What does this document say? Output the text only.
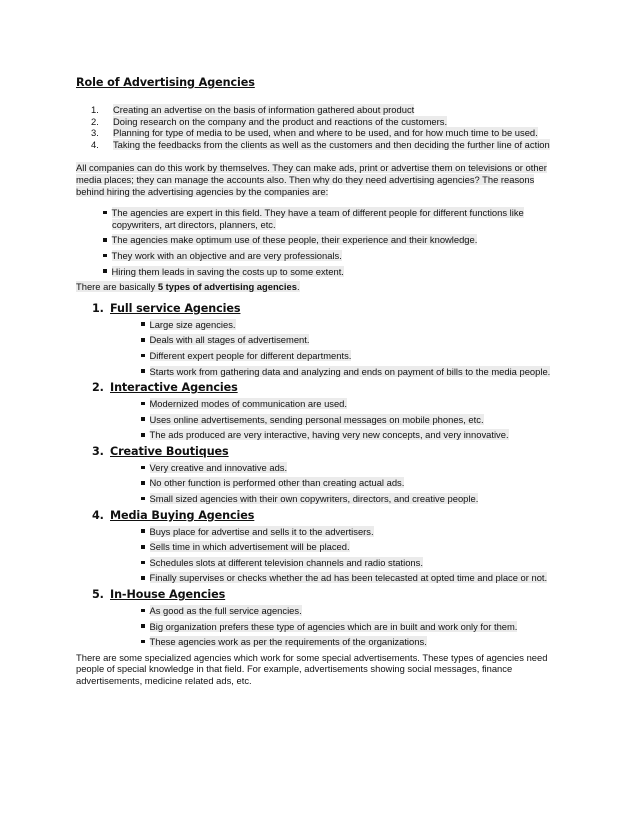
Role of Advertising Agencies
1. Creating an advertise on the basis of information gathered about product
2. Doing research on the company and the product and reactions of the customers.
3. Planning for type of media to be used, when and where to be used, and for how much time to be used.
4. Taking the feedbacks from the clients as well as the customers and then deciding the further line of action

All companies can do this work by themselves. They can make ads, print or advertise them on televisions or other media places; they can manage the accounts also. Then why do they need advertising agencies? The reasons behind hiring the advertising agencies by the companies are:

The agencies are expert in this field. They have a team of different people for different functions like copywriters, art directors, planners, etc.
The agencies make optimum use of these people, their experience and their knowledge.
They work with an objective and are very professionals.
Hiring them leads in saving the costs up to some extent.

There are basically 5 types of advertising agencies.

1. Full service Agencies
Large size agencies.
Deals with all stages of advertisement.
Different expert people for different departments.
Starts work from gathering data and analyzing and ends on payment of bills to the media people.
2. Interactive Agencies
Modernized modes of communication are used.
Uses online advertisements, sending personal messages on mobile phones, etc.
The ads produced are very interactive, having very new concepts, and very innovative.
3. Creative Boutiques
Very creative and innovative ads.
No other function is performed other than creating actual ads.
Small sized agencies with their own copywriters, directors, and creative people.
4. Media Buying Agencies
Buys place for advertise and sells it to the advertisers.
Sells time in which advertisement will be placed.
Schedules slots at different television channels and radio stations.
Finally supervises or checks whether the ad has been telecasted at opted time and place or not.
5. In-House Agencies
As good as the full service agencies.
Big organization prefers these type of agencies which are in built and work only for them.
These agencies work as per the requirements of the organizations.

There are some specialized agencies which work for some special advertisements. These types of agencies need people of special knowledge in that field. For example, advertisements showing social messages, finance advertisements, medicine related ads, etc.
